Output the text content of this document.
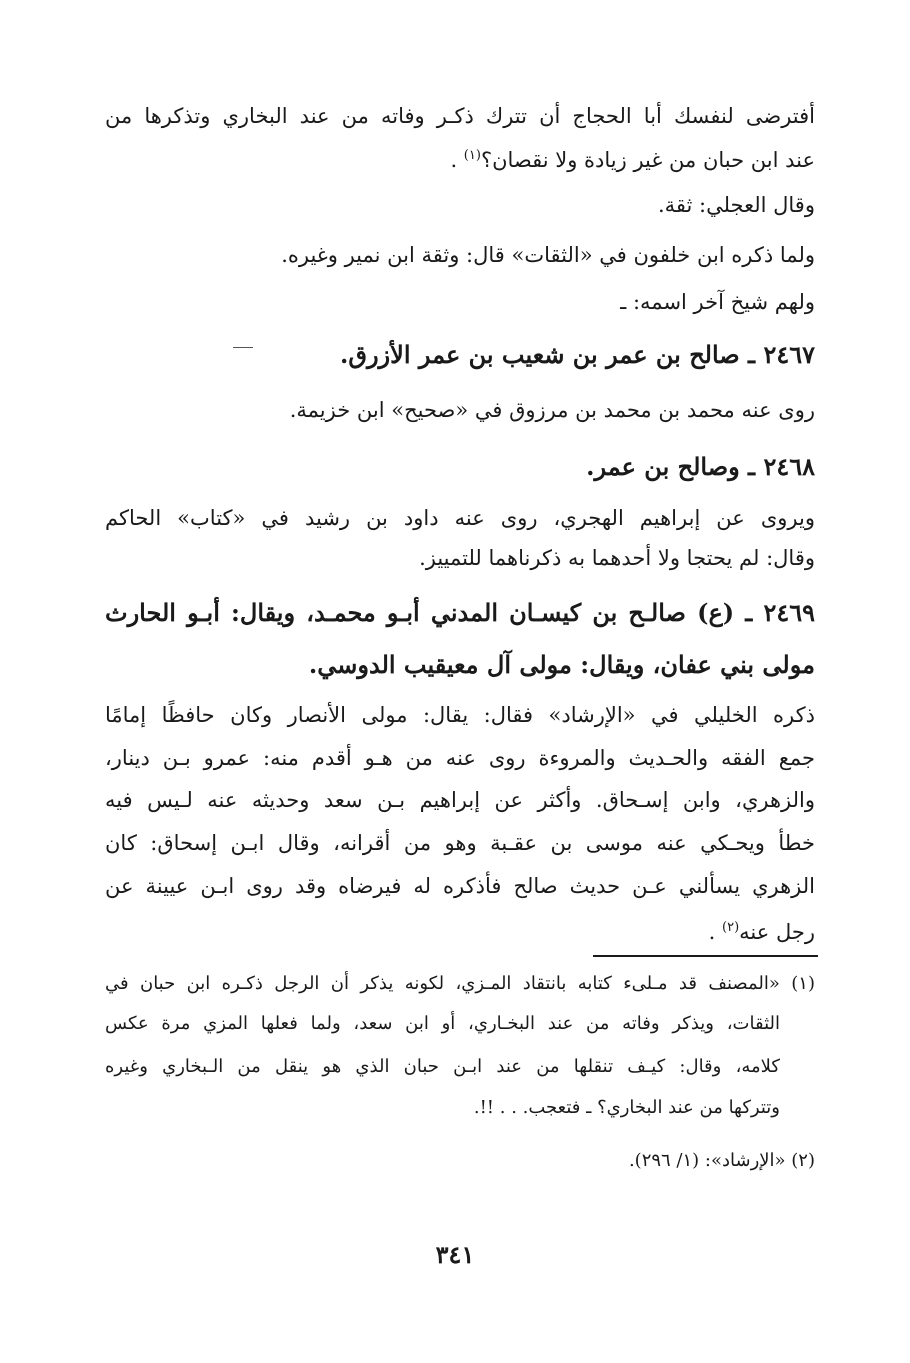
أفترضى لنفسك أبا الحجاج أن تترك ذكـر وفاته من عند البخاري وتذكرها من
عند ابن حبان من غير زيادة ولا نقصان؟$^{(١)}$ .
وقال العجلي: ثقة.
ولما ذكره ابن خلفون في «الثقات» قال: وثقة ابن نمير وغيره.
ولهم شيخ آخر اسمه: ـ
٢٤٦٧ ـ صالح بن عمر بن شعيب بن عمر الأزرق.
روى عنه محمد بن محمد بن مرزوق في «صحيح» ابن خزيمة.
٢٤٦٨ ـ وصالح بن عمر.
ويروى عن إبراهيم الهجري، روى عنه داود بن رشيد في «كتاب» الحاكم
وقال: لم يحتجا ولا أحدهما به ذكرناهما للتمييز.
٢٤٦٩ ـ (ع) صالـح بن كيسـان المدني أبـو محمـد، ويقال: أبـو الحارث
مولى بني عفان، ويقال: مولى آل معيقيب الدوسي.
ذكره الخليلي في «الإرشاد» فقال: يقال: مولى الأنصار وكان حافظًا إمامًا
جمع الفقه والحـديث والمروءة روى عنه من هـو أقدم منه: عمرو بـن دينار،
والزهري، وابن إسـحاق. وأكثر عن إبراهيم بـن سعد وحديثه عنه لـيس فيه
خطأ ويحـكي عنه موسى بن عقـبة وهو من أقرانه، وقال ابـن إسحاق: كان
الزهري يسألني عـن حديث صالح فأذكره له فيرضاه وقد روى ابـن عيينة عن
رجل عنه$^{(٢)}$ .
(١) «المصنف قد مـلىء كتابه بانتقاد المـزي، لكونه يذكر أن الرجل ذكـره ابن حبان في
الثقات، ويذكر وفاته من عند البخـاري، أو ابن سعد، ولما فعلها المزي مرة عكس
كلامه، وقال: كيـف تنقلها من عند ابـن حبان الذي هو ينقل من الـبخاري وغيره
وتتركها من عند البخاري؟ ـ فتعجب. . . !!.
(٢) «الإرشاد»: (١/ ٢٩٦).
٣٤١
